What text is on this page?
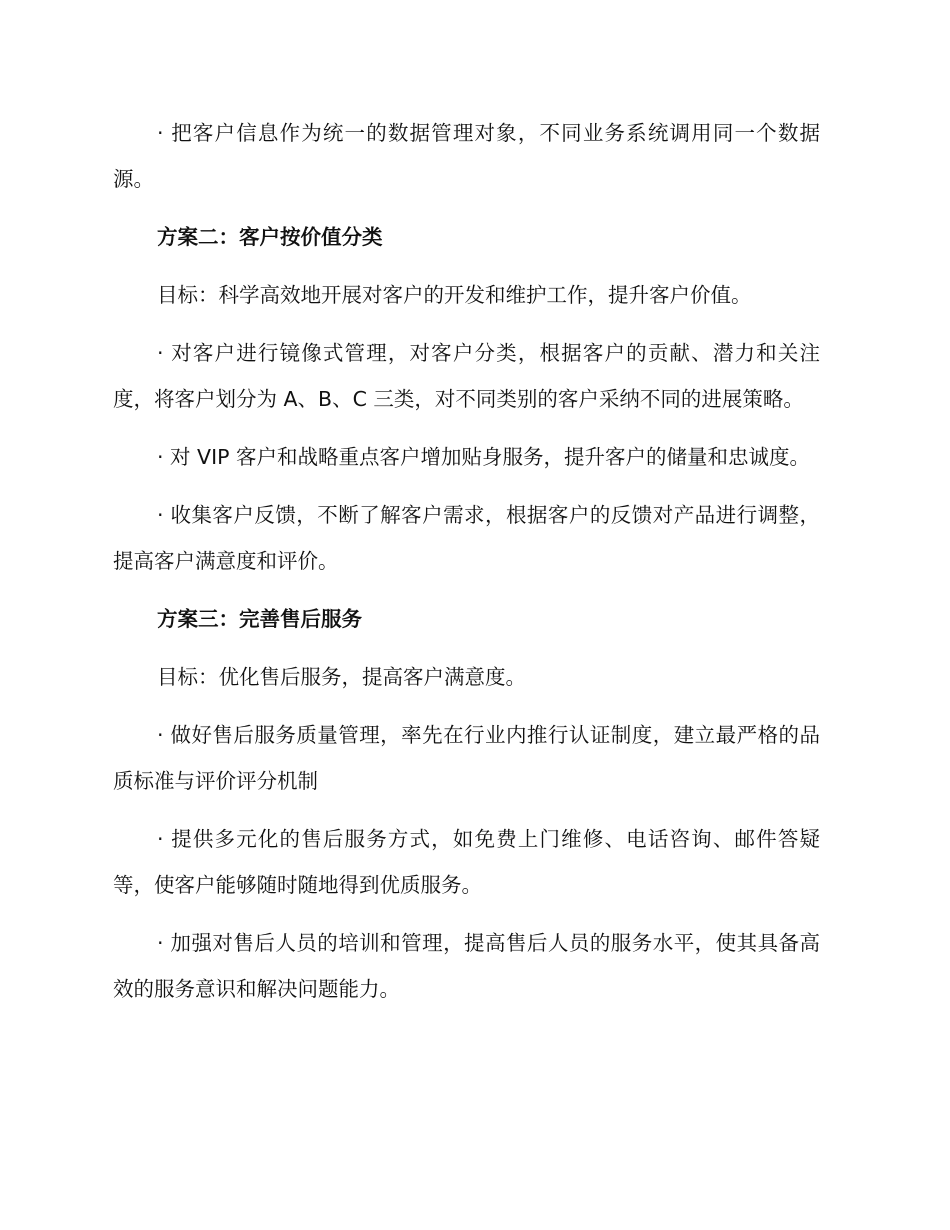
· 把客户信息作为统一的数据管理对象，不同业务系统调用同一个数据源。

方案二：客户按价值分类

目标：科学高效地开展对客户的开发和维护工作，提升客户价值。

· 对客户进行镜像式管理，对客户分类，根据客户的贡献、潜力和关注度，将客户划分为 A、B、C 三类，对不同类别的客户采纳不同的进展策略。

· 对 VIP 客户和战略重点客户增加贴身服务，提升客户的储量和忠诚度。

· 收集客户反馈，不断了解客户需求，根据客户的反馈对产品进行调整，提高客户满意度和评价。

方案三：完善售后服务

目标：优化售后服务，提高客户满意度。

· 做好售后服务质量管理，率先在行业内推行认证制度，建立最严格的品质标准与评价评分机制

· 提供多元化的售后服务方式，如免费上门维修、电话咨询、邮件答疑等，使客户能够随时随地得到优质服务。

· 加强对售后人员的培训和管理，提高售后人员的服务水平，使其具备高效的服务意识和解决问题能力。
